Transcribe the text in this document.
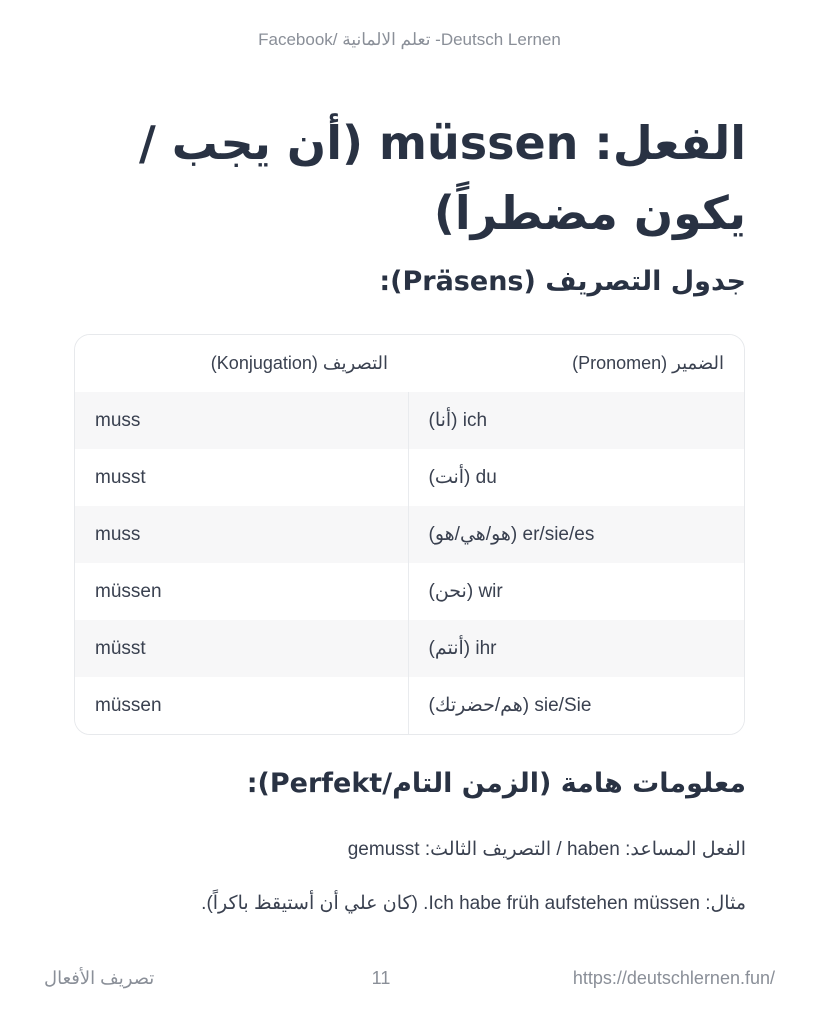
Facebook/ تعلم الالمانية -Deutsch Lernen
الفعل: müssen (أن يجب / يكون مضطراً)
جدول التصريف (Präsens):
الضمير (Pronomen)	التصريف (Konjugation)
ich (أنا)	muss
du (أنت)	musst
er/sie/es (هو/هي/هو)	muss
wir (نحن)	müssen
ihr (أنتم)	müsst
sie/Sie (هم/حضرتك)	müssen
معلومات هامة (الزمن التام/Perfekt):

الفعل المساعد: haben / التصريف الثالث: gemusst

مثال: Ich habe früh aufstehen müssen. (كان علي أن أستيقظ باكراً).

تصريف الأفعال	11	https://deutschlernen.fun/
